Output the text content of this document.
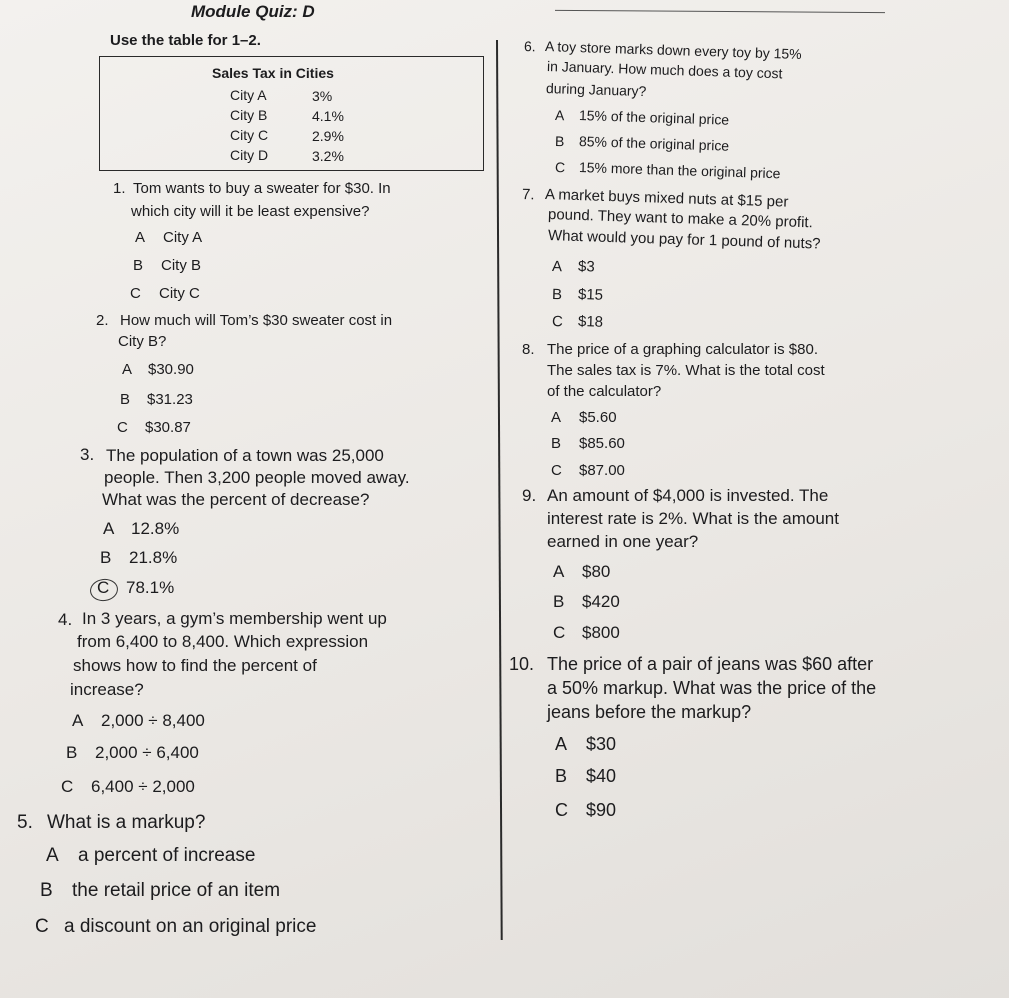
Module Quiz: D
Use the table for 1–2.
Sales Tax in Cities
City A	3%
City B	4.1%
City C	2.9%
City D	3.2%
1. Tom wants to buy a sweater for $30. In
which city will it be least expensive?
A City A
B City B
C City C
2. How much will Tom’s $30 sweater cost in
City B?
A $30.90
B $31.23
C $30.87
3. The population of a town was 25,000
people. Then 3,200 people moved away.
What was the percent of decrease?
A 12.8%
B 21.8%
C 78.1%
4. In 3 years, a gym’s membership went up
from 6,400 to 8,400. Which expression
shows how to find the percent of
increase?
A 2,000 ÷ 8,400
B 2,000 ÷ 6,400
C 6,400 ÷ 2,000
5. What is a markup?
A a percent of increase
B the retail price of an item
C a discount on an original price
6. A toy store marks down every toy by 15%
in January. How much does a toy cost
during January?
A 15% of the original price
B 85% of the original price
C 15% more than the original price
7. A market buys mixed nuts at $15 per
pound. They want to make a 20% profit.
What would you pay for 1 pound of nuts?
A $3
B $15
C $18
8. The price of a graphing calculator is $80.
The sales tax is 7%. What is the total cost
of the calculator?
A $5.60
B $85.60
C $87.00
9. An amount of $4,000 is invested. The
interest rate is 2%. What is the amount
earned in one year?
A $80
B $420
C $800
10. The price of a pair of jeans was $60 after
a 50% markup. What was the price of the
jeans before the markup?
A $30
B $40
C $90
